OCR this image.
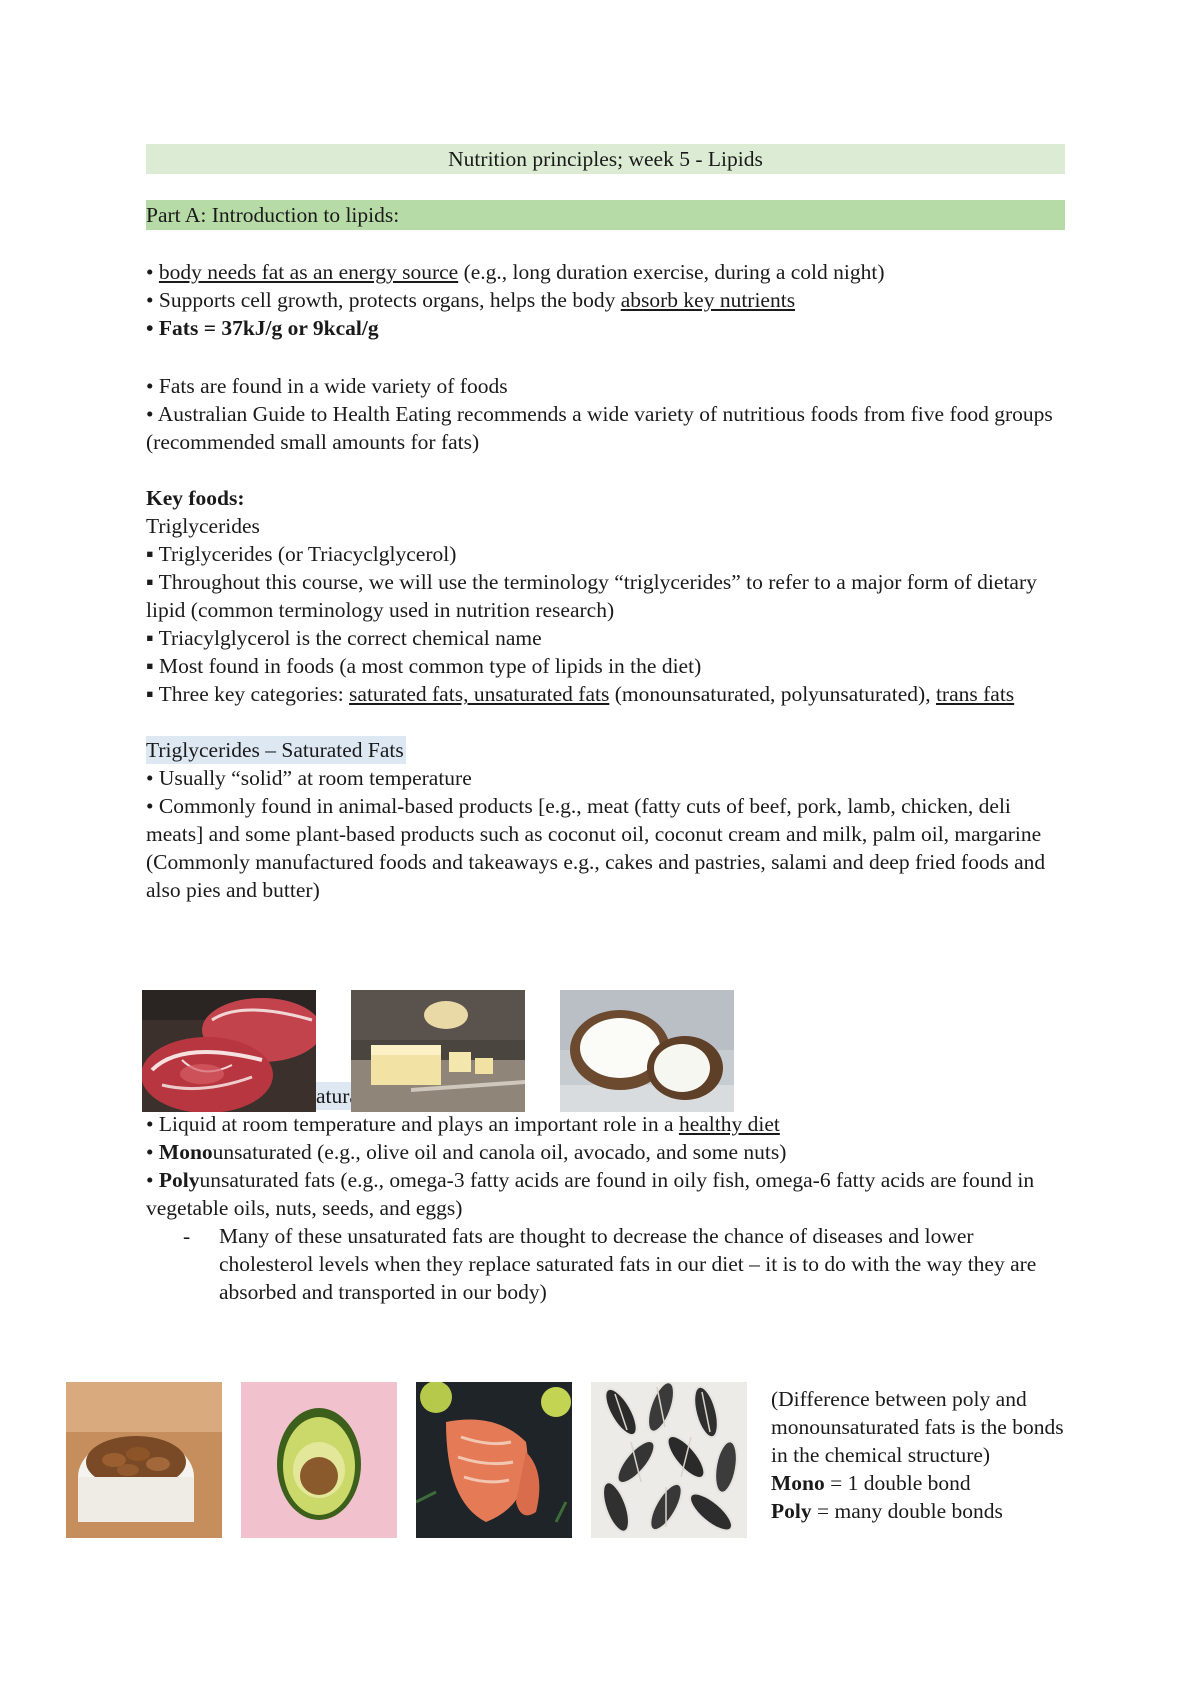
Nutrition principles; week 5 - Lipids
Part A: Introduction to lipids:
• body needs fat as an energy source (e.g., long duration exercise, during a cold night)
• Supports cell growth, protects organs, helps the body absorb key nutrients
• Fats = 37kJ/g or 9kcal/g
• Fats are found in a wide variety of foods
• Australian Guide to Health Eating recommends a wide variety of nutritious foods from five food groups (recommended small amounts for fats)
Key foods:
Triglycerides
▪ Triglycerides (or Triacyclglycerol)
▪ Throughout this course, we will use the terminology “triglycerides” to refer to a major form of dietary lipid (common terminology used in nutrition research)
▪ Triacylglycerol is the correct chemical name
▪ Most found in foods (a most common type of lipids in the diet)
▪ Three key categories: saturated fats, unsaturated fats (monounsaturated, polyunsaturated), trans fats
Triglycerides – Saturated Fats
• Usually “solid” at room temperature
• Commonly found in animal-based products [e.g., meat (fatty cuts of beef, pork, lamb, chicken, deli meats] and some plant-based products such as coconut oil, coconut cream and milk, palm oil, margarine
(Commonly manufactured foods and takeaways e.g., cakes and pastries, salami and deep fried foods and also pies and butter)
Unsaturated
• Liquid at room temperature and plays an important role in a healthy diet
• Monounsaturated (e.g., olive oil and canola oil, avocado, and some nuts)
• Polyunsaturated fats (e.g., omega-3 fatty acids are found in oily fish, omega-6 fatty acids are found in vegetable oils, nuts, seeds, and eggs)
- Many of these unsaturated fats are thought to decrease the chance of diseases and lower cholesterol levels when they replace saturated fats in our diet – it is to do with the way they are absorbed and transported in our body)
(Difference between poly and monounsaturated fats is the bonds in the chemical structure)
Mono = 1 double bond
Poly = many double bonds
